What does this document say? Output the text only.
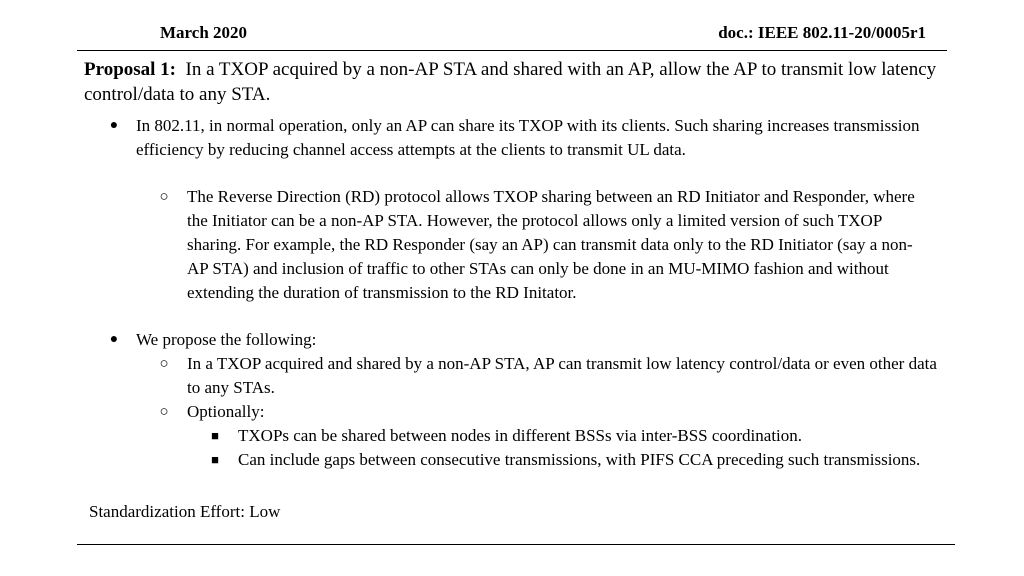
March 2020	doc.: IEEE 802.11-20/0005r1
Proposal 1: In a TXOP acquired by a non-AP STA and shared with an AP, allow the AP to transmit low latency control/data to any STA.
●	In 802.11, in normal operation, only an AP can share its TXOP with its clients. Such sharing increases transmission efficiency by reducing channel access attempts at the clients to transmit UL data.
○	The Reverse Direction (RD) protocol allows TXOP sharing between an RD Initiator and Responder, where the Initiator can be a non-AP STA. However, the protocol allows only a limited version of such TXOP sharing. For example, the RD Responder (say an AP) can transmit data only to the RD Initiator (say a non-AP STA) and inclusion of traffic to other STAs can only be done in an MU-MIMO fashion and without extending the duration of transmission to the RD Initator.
●	We propose the following:
○	In a TXOP acquired and shared by a non-AP STA, AP can transmit low latency control/data or even other data to any STAs.
○	Optionally:
■	TXOPs can be shared between nodes in different BSSs via inter-BSS coordination.
■	Can include gaps between consecutive transmissions, with PIFS CCA preceding such transmissions.
Standardization Effort: Low
